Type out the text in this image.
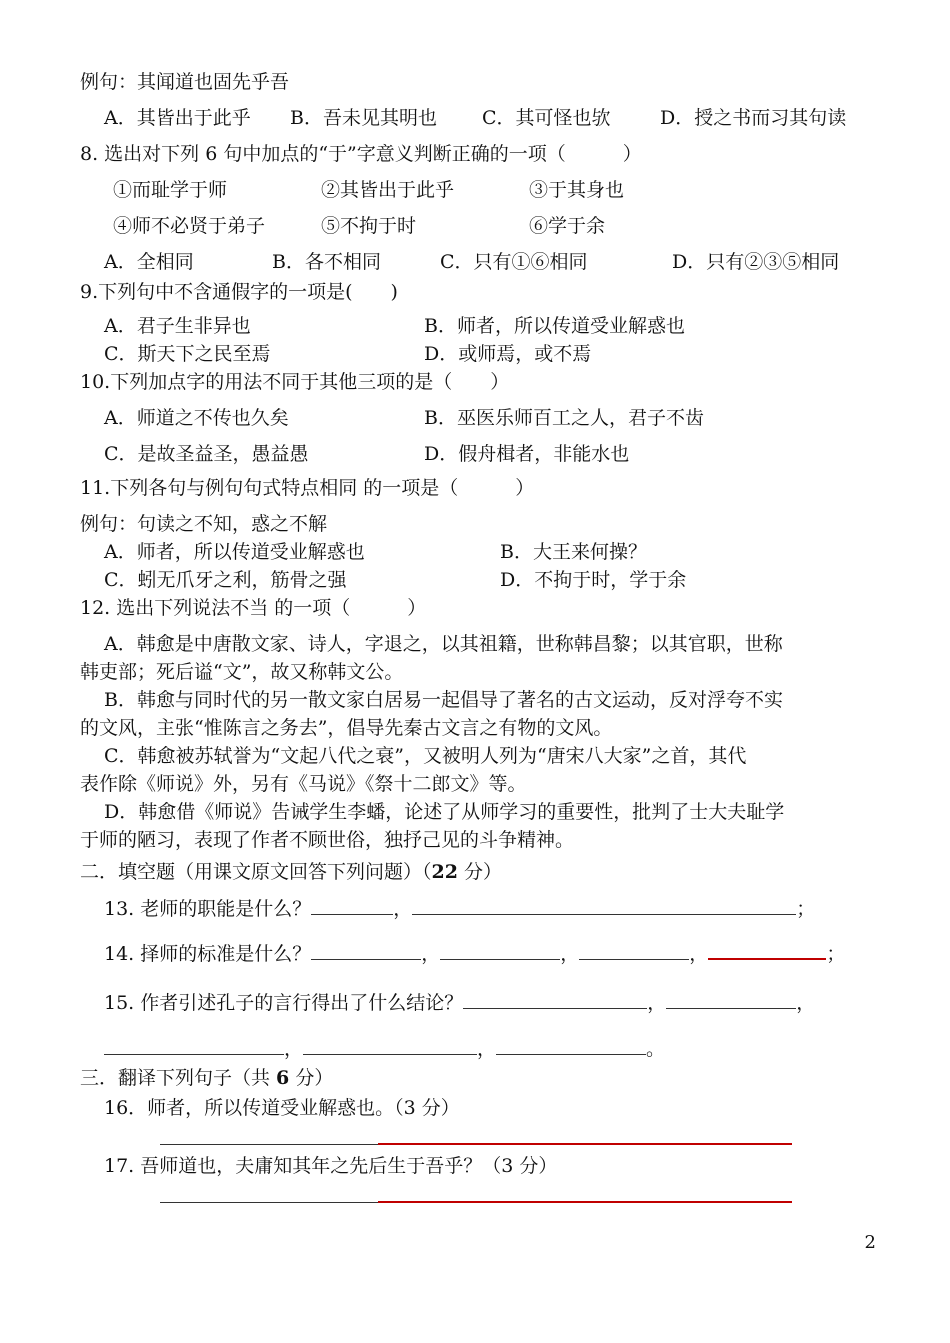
例句：其闻道也固先乎吾
A．其皆出于此乎 B．吾未见其明也 C．其可怪也欤	D．授之书而习其句读
8. 选出对下列 6 句中加点的“于”字意义判断正确的一项（　　　）
①而耻学于师	②其皆出于此乎	③于其身也
④师不必贤于弟子	⑤不拘于时	⑥学于余
A．全相同	B．各不相同	C．只有①⑥相同	D．只有②③⑤相同
9.下列句中不含通假字的一项是(　　)
A．君子生非异也	B．师者，所以传道受业解惑也
C．斯天下之民至焉	D．或师焉，或不焉
10.下列加点字的用法不同于其他三项的是（　　）
A．师道之不传也久矣	B．巫医乐师百工之人，君子不齿
C．是故圣益圣，愚益愚	D．假舟楫者，非能水也
11.下列各句与例句句式特点相同 的一项是（　　　）
例句：句读之不知，惑之不解
A．师者，所以传道受业解惑也	B．大王来何操？
C．蚓无爪牙之利，筋骨之强	D．不拘于时，学于余
12. 选出下列说法不当 的一项（　　　）
A．韩愈是中唐散文家、诗人，字退之，以其祖籍，世称韩昌黎；以其官职，世称
韩吏部；死后谥“文”，故又称韩文公。
B．韩愈与同时代的另一散文家白居易一起倡导了著名的古文运动，反对浮夸不实
的文风，主张“惟陈言之务去”，倡导先秦古文言之有物的文风。
C．韩愈被苏轼誉为“文起八代之衰”，又被明人列为“唐宋八大家”之首，其代
表作除《师说》外，另有《马说》《祭十二郎文》等。
D．韩愈借《师说》告诫学生李蟠，论述了从师学习的重要性，批判了士大夫耻学
于师的陋习，表现了作者不顾世俗，独抒己见的斗争精神。
二．填空题（用课文原文回答下列问题）（22 分）
13. 老师的职能是什么？	，	；
14. 择师的标准是什么？	，	，	，	；
15. 作者引述孔子的言行得出了什么结论？	，	，
，	，	。
三．翻译下列句子（共 6 分）
16．师者，所以传道受业解惑也。（3 分）
17. 吾师道也，夫庸知其年之先后生于吾乎？（3 分）
2
